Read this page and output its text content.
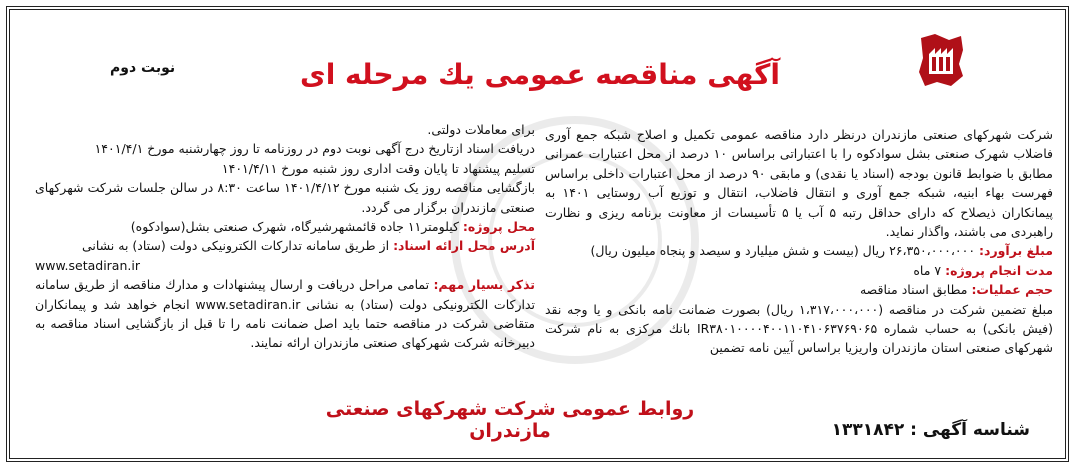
آگهی مناقصه عمومی یك مرحله ای
نوبت دوم

شرکت شهرکهای صنعتی مازندران درنظر دارد مناقصه عمومی تکمیل و اصلاح شبکه جمع آوری فاضلاب شهرک صنعتی بشل سوادکوه را با اعتباراتی براساس ۱۰ درصد از محل اعتبارات عمرانی مطابق با ضوابط قانون بودجه (اسناد یا نقدی) و مابقی ۹۰ درصد از محل اعتبارات داخلی براساس فهرست بهاء ابنیه، شبکه جمع آوری و انتقال فاضلاب، انتقال و توزیع آب روستایی ۱۴۰۱ به پیمانکاران ذیصلاح که دارای حداقل رتبه ۵ آب یا ۵ تأسیسات از معاونت برنامه ریزی و نظارت راهبردی می باشند، واگذار نماید.

مبلغ برآورد: ۲۶،۳۵۰،۰۰۰،۰۰۰ ریال (بیست و شش میلیارد و سیصد و پنجاه میلیون ریال)

مدت انجام پروژه: ۷ ماه

حجم عملیات: مطابق اسناد مناقصه

مبلغ تضمین شرکت در مناقصه (۱،۳۱۷،۰۰۰،۰۰۰ ریال) بصورت ضمانت نامه بانکی و یا وجه نقد (فیش بانکی) به حساب شماره IR۳۸۰۱۰۰۰۰۴۰۰۱۱۰۴۱۰۶۳۷۶۹۰۶۵ بانك مرکزی به نام شرکت شهرکهای صنعتی استان مازندران واریزیا براساس آیین نامه تضمین

برای معاملات دولتی.

دریافت اسناد ازتاریخ درج آگهی نوبت دوم در روزنامه تا روز چهارشنبه مورخ ۱۴۰۱/۴/۱

تسلیم پیشنهاد تا پایان وقت اداری روز شنبه مورخ ۱۴۰۱/۴/۱۱

بازگشایی مناقصه روز یک شنبه مورخ ۱۴۰۱/۴/۱۲ ساعت ۸:۳۰ در سالن جلسات شرکت شهرکهای صنعتی مازندران برگزار می گردد.

محل پروژه: کیلومتر۱۱ جاده قائمشهرشیرگاه، شهرک صنعتی بشل(سوادکوه)

آدرس محل ارائه اسناد: از طریق سامانه تدارکات الکترونیکی دولت (ستاد) به نشانی

www.setadiran.ir

تذکر بسیار مهم: تمامی مراحل دریافت و ارسال پیشنهادات و مدارك مناقصه از طریق سامانه تدارکات الکترونیکی دولت (ستاد) به نشانی www.setadiran.ir انجام خواهد شد و پیمانکاران متقاضی شرکت در مناقصه حتما باید اصل ضمانت نامه را تا قبل از بازگشایی اسناد مناقصه به دبیرخانه شرکت شهرکهای صنعتی مازندران ارائه نمایند.

روابط عمومی شرکت شهرکهای صنعتی مازندران	شناسه آگهی : ۱۳۳۱۸۴۲
